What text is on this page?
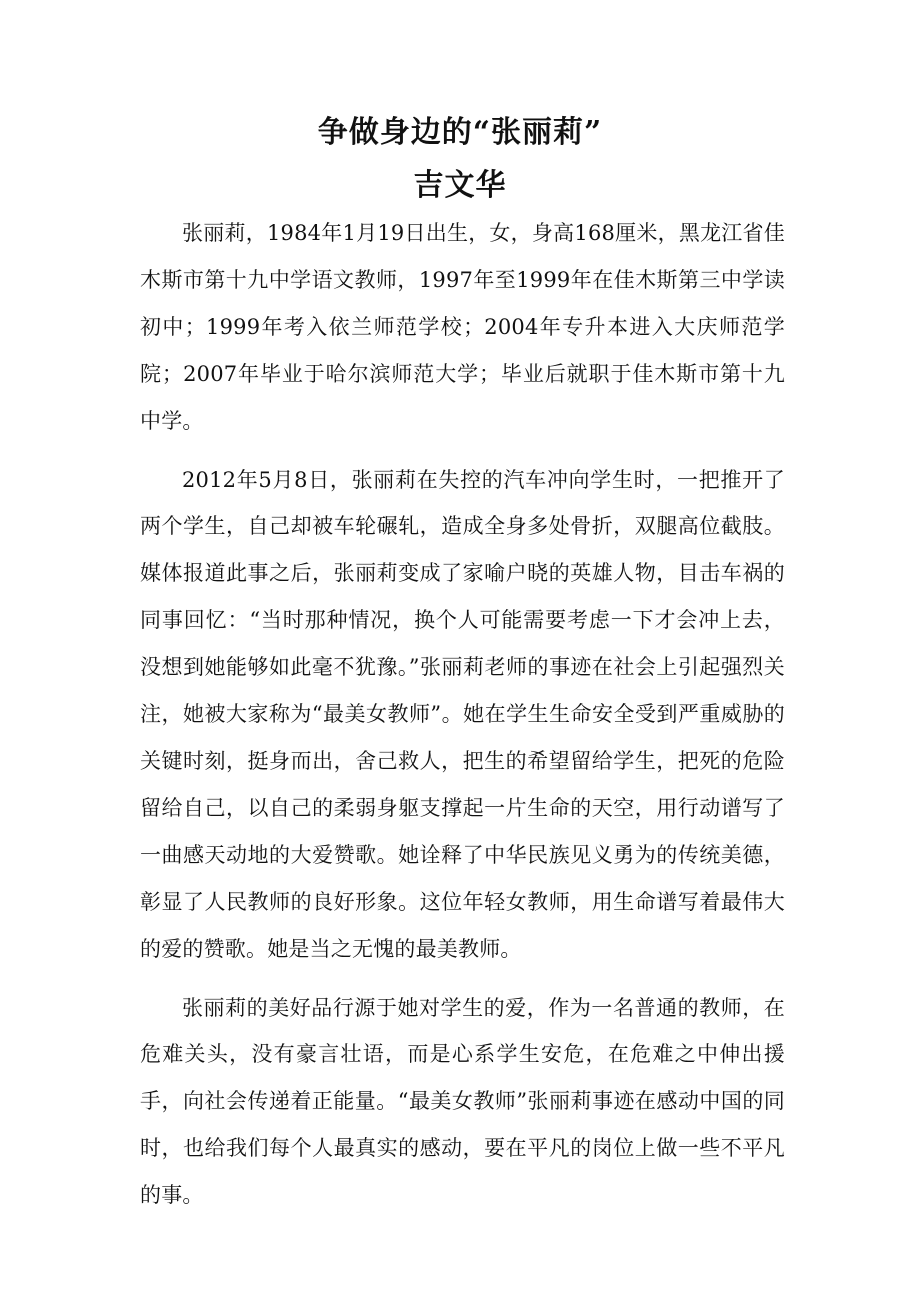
争做身边的“张丽莉”
吉文华

张丽莉，1984年1月19日出生，女，身高168厘米，黑龙江省佳木斯市第十九中学语文教师，1997年至1999年在佳木斯第三中学读初中；1999年考入依兰师范学校；2004年专升本进入大庆师范学院；2007年毕业于哈尔滨师范大学；毕业后就职于佳木斯市第十九中学。

2012年5月8日，张丽莉在失控的汽车冲向学生时，一把推开了两个学生，自己却被车轮碾轧，造成全身多处骨折，双腿高位截肢。媒体报道此事之后，张丽莉变成了家喻户晓的英雄人物，目击车祸的同事回忆：“当时那种情况，换个人可能需要考虑一下才会冲上去，没想到她能够如此毫不犹豫。”张丽莉老师的事迹在社会上引起强烈关注，她被大家称为“最美女教师”。她在学生生命安全受到严重威胁的关键时刻，挺身而出，舍己救人，把生的希望留给学生，把死的危险留给自己，以自己的柔弱身躯支撑起一片生命的天空，用行动谱写了一曲感天动地的大爱赞歌。她诠释了中华民族见义勇为的传统美德，彰显了人民教师的良好形象。这位年轻女教师，用生命谱写着最伟大的爱的赞歌。她是当之无愧的最美教师。

张丽莉的美好品行源于她对学生的爱，作为一名普通的教师，在危难关头，没有豪言壮语，而是心系学生安危，在危难之中伸出援手，向社会传递着正能量。“最美女教师”张丽莉事迹在感动中国的同时，也给我们每个人最真实的感动，要在平凡的岗位上做一些不平凡的事。
